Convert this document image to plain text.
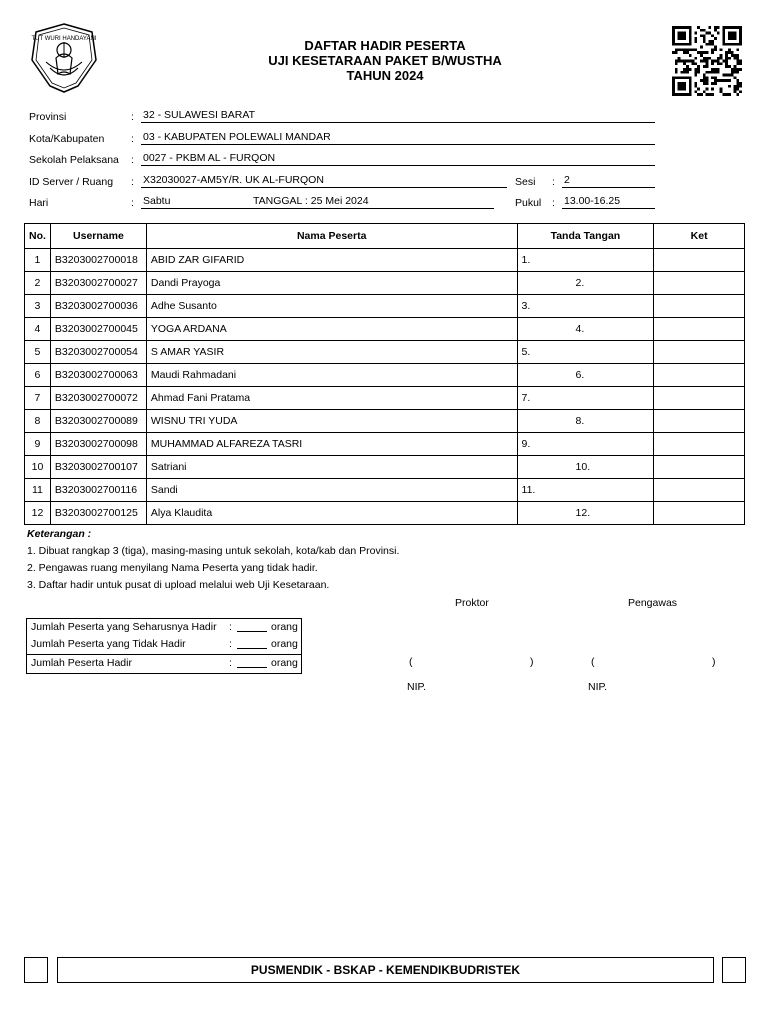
TUT WURI HANDAYANI	DAFTAR HADIR PESERTA
UJI KESETARAAN PAKET B/WUSTHA
TAHUN 2024
Provinsi	: 32 - SULAWESI BARAT
Kota/Kabupaten	: 03 - KABUPATEN POLEWALI MANDAR
Sekolah Pelaksana : 0027 - PKBM AL - FURQON
ID Server / Ruang : X32030027-AM5Y/R. UK AL-FURQON	Sesi : 2
Hari	: Sabtu	TANGGAL : 25 Mei 2024	Pukul : 13.00-16.25
No.	Username	Nama Peserta	Tanda Tangan	Ket
1	B3203002700018	ABID ZAR GIFARID	1.	
2	B3203002700027	Dandi Prayoga	2.	
3	B3203002700036	Adhe Susanto	3.	
4	B3203002700045	YOGA ARDANA	4.	
5	B3203002700054	S AMAR YASIR	5.	
6	B3203002700063	Maudi Rahmadani	6.	
7	B3203002700072	Ahmad Fani Pratama	7.	
8	B3203002700089	WISNU TRI YUDA	8.	
9	B3203002700098	MUHAMMAD ALFAREZA TASRI	9.	
10	B3203002700107	Satriani	10.	
11	B3203002700116	Sandi	11.	
12	B3203002700125	Alya Klaudita	12.	
Keterangan :
1. Dibuat rangkap 3 (tiga), masing-masing untuk sekolah, kota/kab dan Provinsi.
2. Pengawas ruang menyilang Nama Peserta yang tidak hadir.
3. Daftar hadir untuk pusat di upload melalui web Uji Kesetaraan.
Proktor	Pengawas
Jumlah Peserta yang Seharusnya Hadir :	orang
Jumlah Peserta yang Tidak Hadir	:	orang
Jumlah Peserta Hadir	:	orang	(	)	(	)
NIP.	NIP.
PUSMENDIK - BSKAP - KEMENDIKBUDRISTEK
